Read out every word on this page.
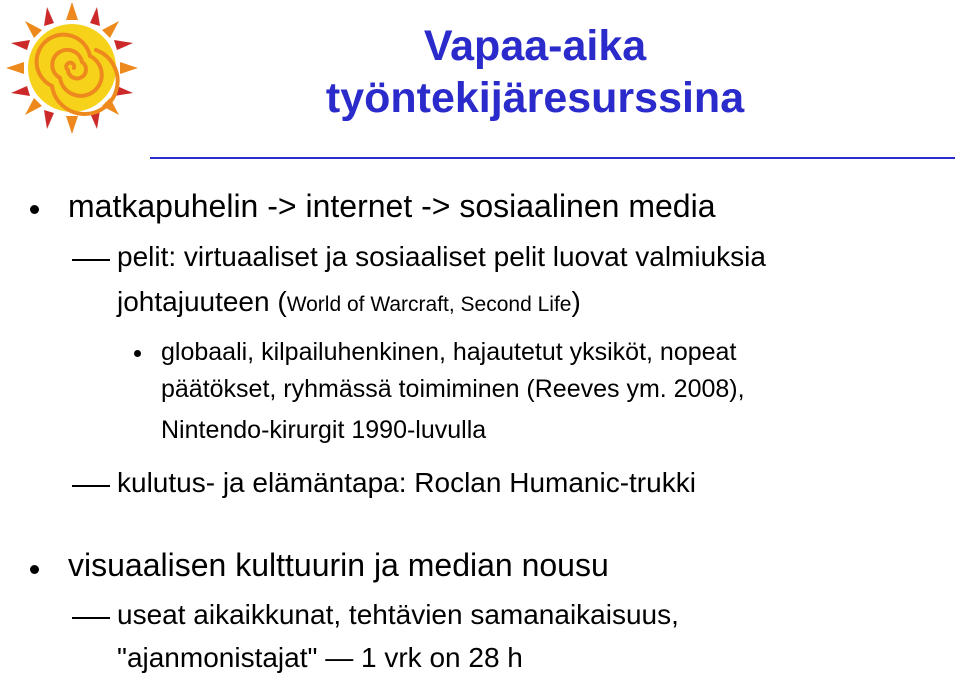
Vapaa-aika
työntekijäresurssina
matkapuhelin -> internet -> sosiaalinen media
pelit: virtuaaliset ja sosiaaliset pelit luovat valmiuksia
johtajuuteen (World of Warcraft, Second Life)
globaali, kilpailuhenkinen, hajautetut yksiköt, nopeat
päätökset, ryhmässä toimiminen (Reeves ym. 2008),
Nintendo-kirurgit 1990-luvulla
kulutus- ja elämäntapa: Roclan Humanic-trukki
visuaalisen kulttuurin ja median nousu
useat aikaikkunat, tehtävien samanaikaisuus,
"ajanmonistajat" — 1 vrk on 28 h
